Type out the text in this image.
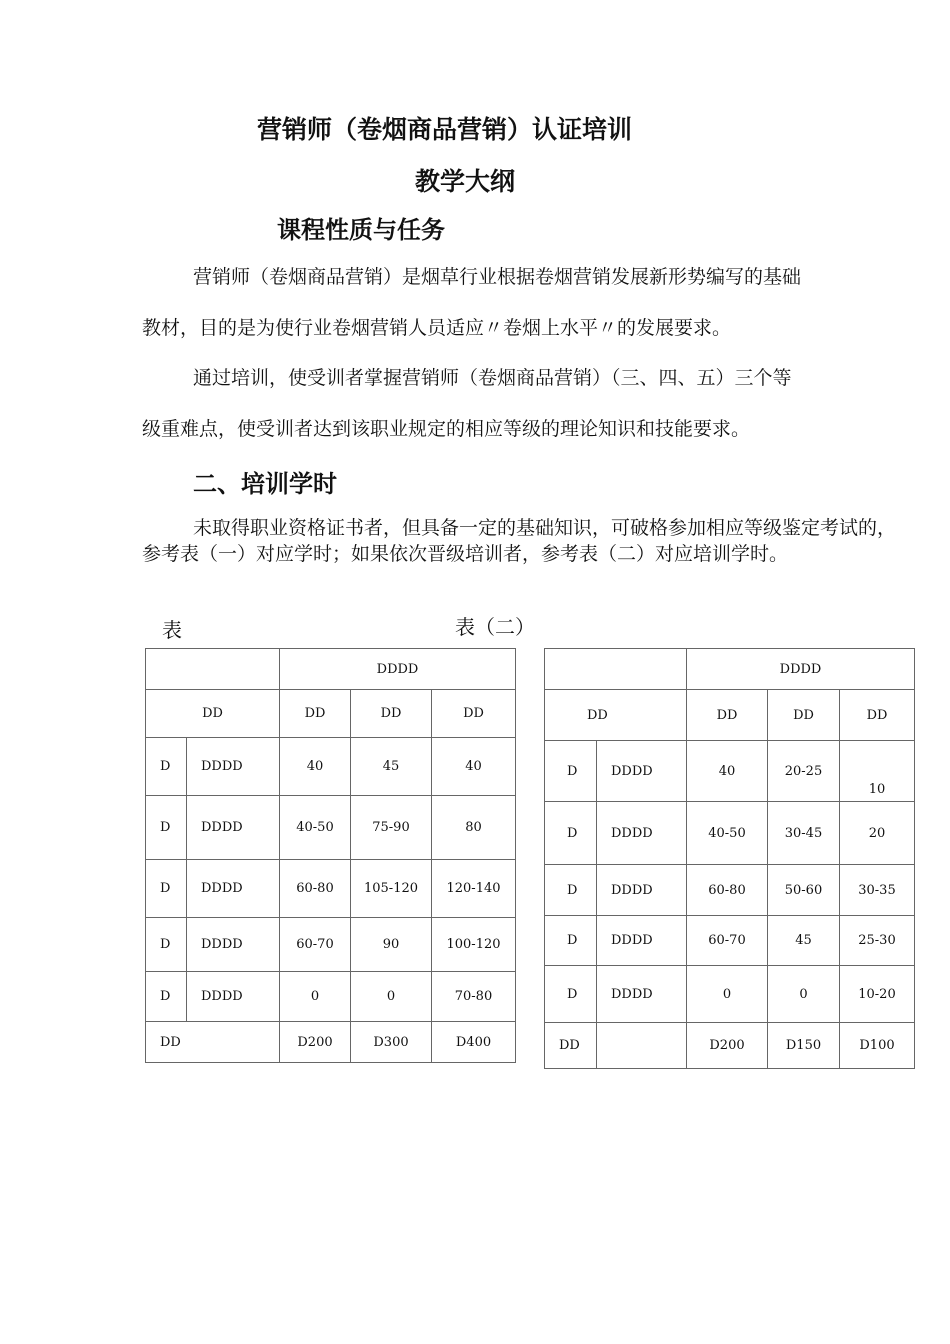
营销师（卷烟商品营销）认证培训
教学大纲
课程性质与任务
营销师（卷烟商品营销）是烟草行业根据卷烟营销发展新形势编写的基础
教材，目的是为使行业卷烟营销人员适应〃卷烟上水平〃的发展要求。
通过培训，使受训者掌握营销师（卷烟商品营销）（三、四、五）三个等
级重难点，使受训者达到该职业规定的相应等级的理论知识和技能要求。
二、培训学时
未取得职业资格证书者，但具备一定的基础知识，可破格参加相应等级鉴定考试的，参考表（一）对应学时；如果依次晋级培训者，参考表（二）对应培训学时。
表	表（二）
		DDDD		
DD		DD	DD	DD
D	DDDD	40	45	40
D	DDDD	40-50	75-90	80
D	DDDD	60-80	105-120	120-140
D	DDDD	60-70	90	100-120
D	DDDD	0	0	70-80
DD		D200	D300	D400
		DDDD		
DD		DD	DD	DD
D	DDDD	40	20-25	10
D	DDDD	40-50	30-45	20
D	DDDD	60-80	50-60	30-35
D	DDDD	60-70	45	25-30
D	DDDD	0	0	10-20
DD		D200	D150	D100
